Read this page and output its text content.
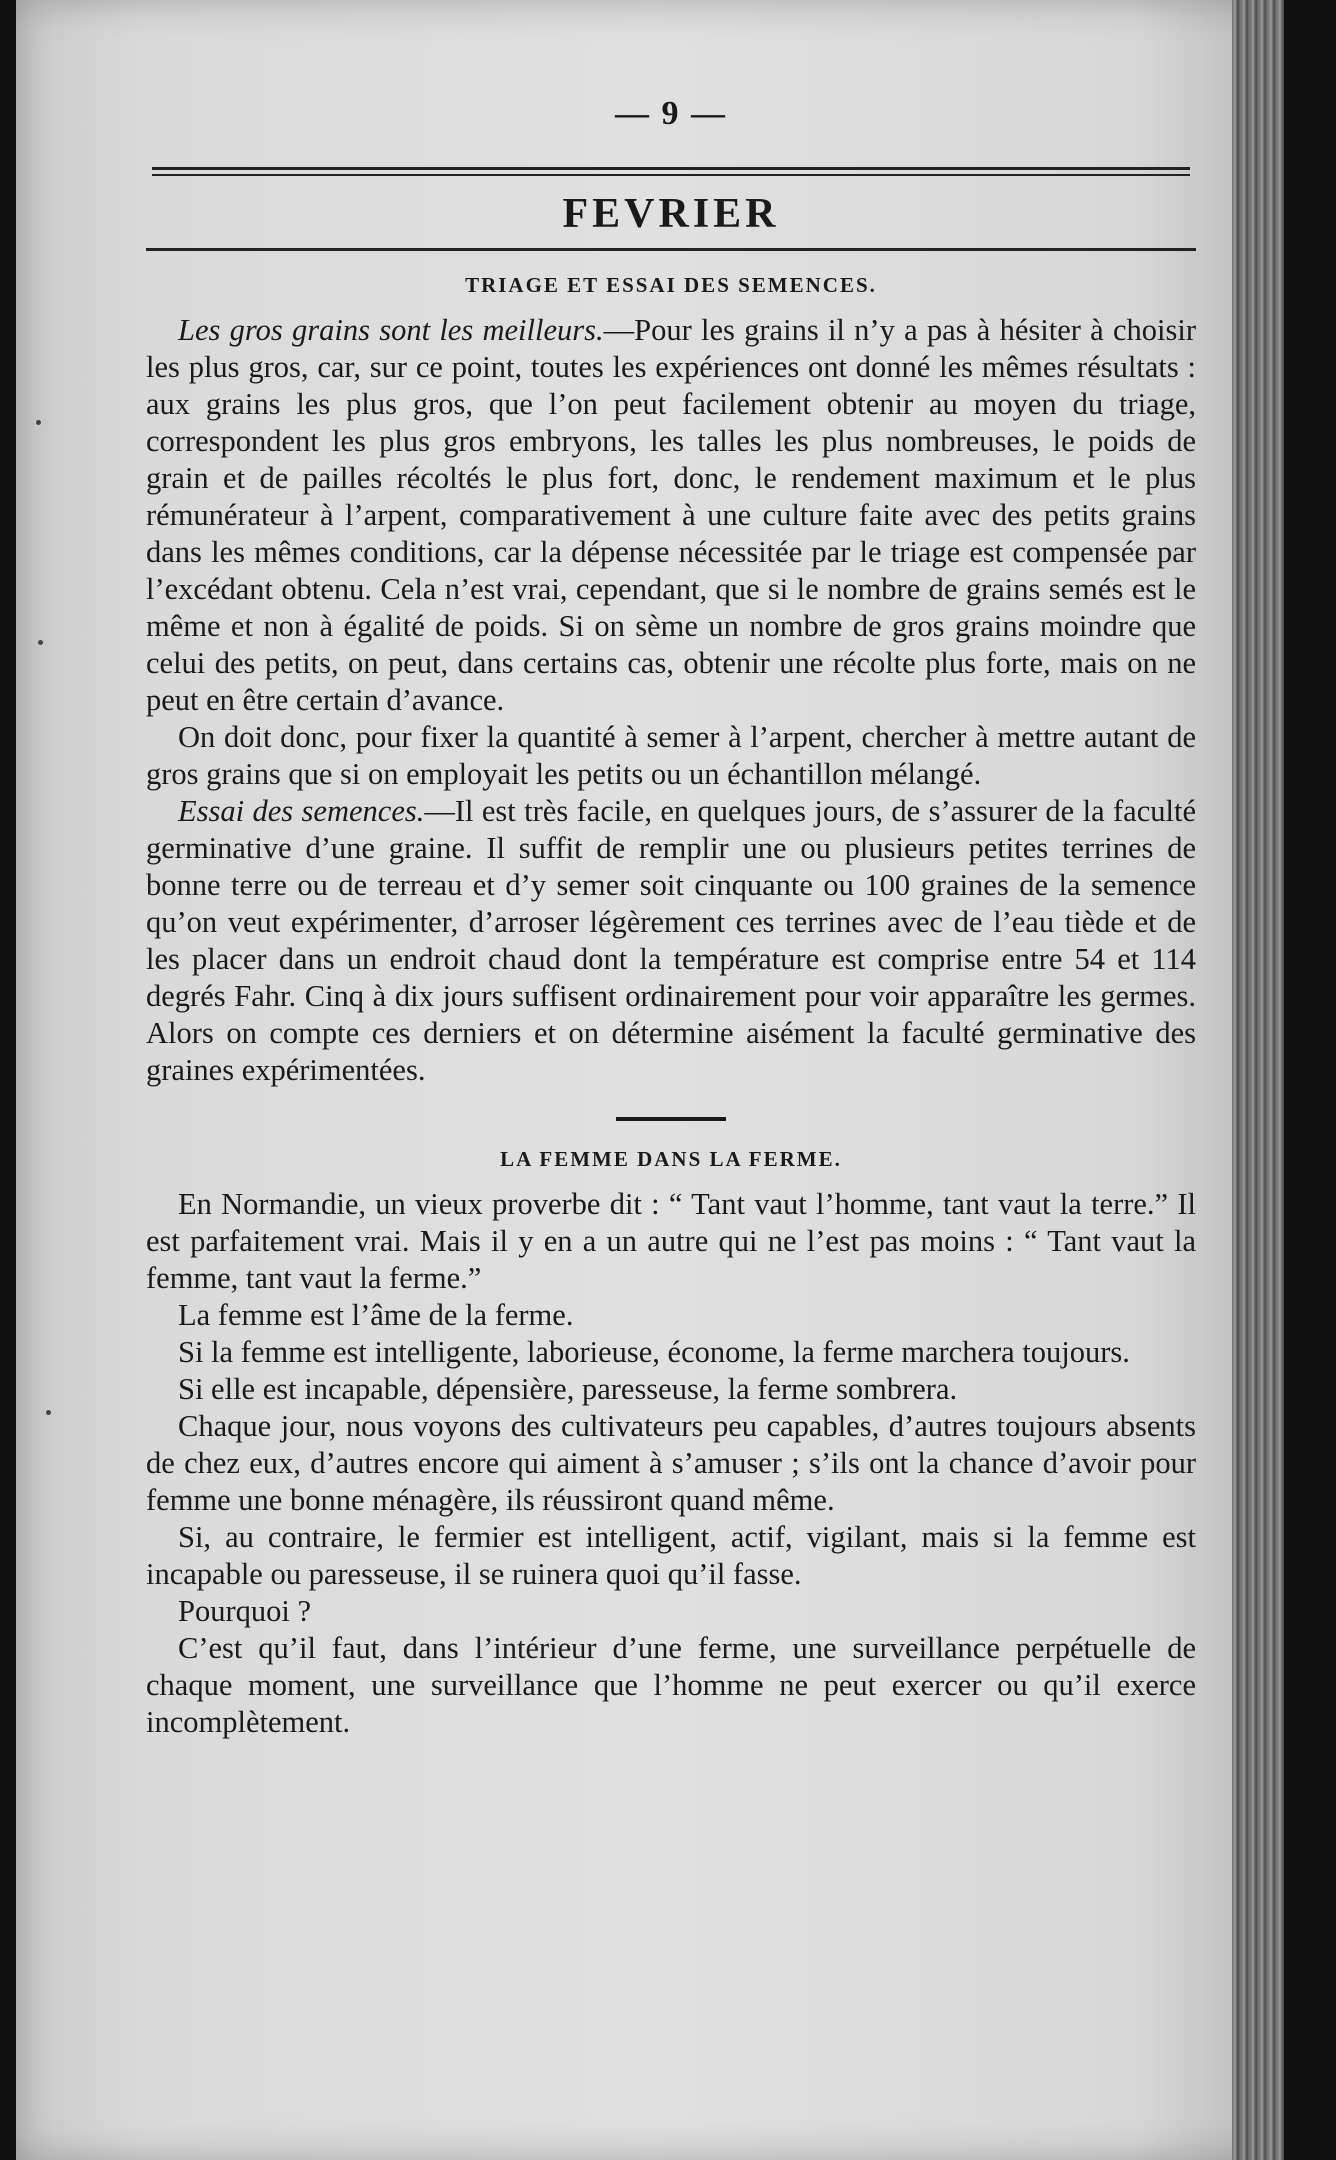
— 9 —
FEVRIER
TRIAGE ET ESSAI DES SEMENCES.

Les gros grains sont les meilleurs.—Pour les grains il n’y a pas à hésiter à choisir les plus gros, car, sur ce point, toutes les expériences ont donné les mêmes résultats : aux grains les plus gros, que l’on peut facilement obtenir au moyen du triage, correspondent les plus gros embryons, les talles les plus nombreuses, le poids de grain et de pailles récoltés le plus fort, donc, le rendement maximum et le plus rémunérateur à l’arpent, comparativement à une culture faite avec des petits grains dans les mêmes conditions, car la dépense nécessitée par le triage est compensée par l’excédant obtenu. Cela n’est vrai, cependant, que si le nombre de grains semés est le même et non à égalité de poids. Si on sème un nombre de gros grains moindre que celui des petits, on peut, dans certains cas, obtenir une récolte plus forte, mais on ne peut en être certain d’avance.

On doit donc, pour fixer la quantité à semer à l’arpent, chercher à mettre autant de gros grains que si on employait les petits ou un échantillon mélangé.

Essai des semences.—Il est très facile, en quelques jours, de s’assurer de la faculté germinative d’une graine. Il suffit de remplir une ou plusieurs petites terrines de bonne terre ou de terreau et d’y semer soit cinquante ou 100 graines de la semence qu’on veut expérimenter, d’arroser légèrement ces terrines avec de l’eau tiède et de les placer dans un endroit chaud dont la température est comprise entre 54 et 114 degrés Fahr. Cinq à dix jours suffisent ordinairement pour voir apparaître les germes. Alors on compte ces derniers et on détermine aisément la faculté germinative des graines expérimentées.

LA FEMME DANS LA FERME.

En Normandie, un vieux proverbe dit : “ Tant vaut l’homme, tant vaut la terre.” Il est parfaitement vrai. Mais il y en a un autre qui ne l’est pas moins : “ Tant vaut la femme, tant vaut la ferme.”

La femme est l’âme de la ferme.

Si la femme est intelligente, laborieuse, économe, la ferme marchera toujours.

Si elle est incapable, dépensière, paresseuse, la ferme sombrera.

Chaque jour, nous voyons des cultivateurs peu capables, d’autres toujours absents de chez eux, d’autres encore qui aiment à s’amuser ; s’ils ont la chance d’avoir pour femme une bonne ménagère, ils réussiront quand même.

Si, au contraire, le fermier est intelligent, actif, vigilant, mais si la femme est incapable ou paresseuse, il se ruinera quoi qu’il fasse.

Pourquoi ?

C’est qu’il faut, dans l’intérieur d’une ferme, une surveillance perpétuelle de chaque moment, une surveillance que l’homme ne peut exercer ou qu’il exerce incomplètement.
